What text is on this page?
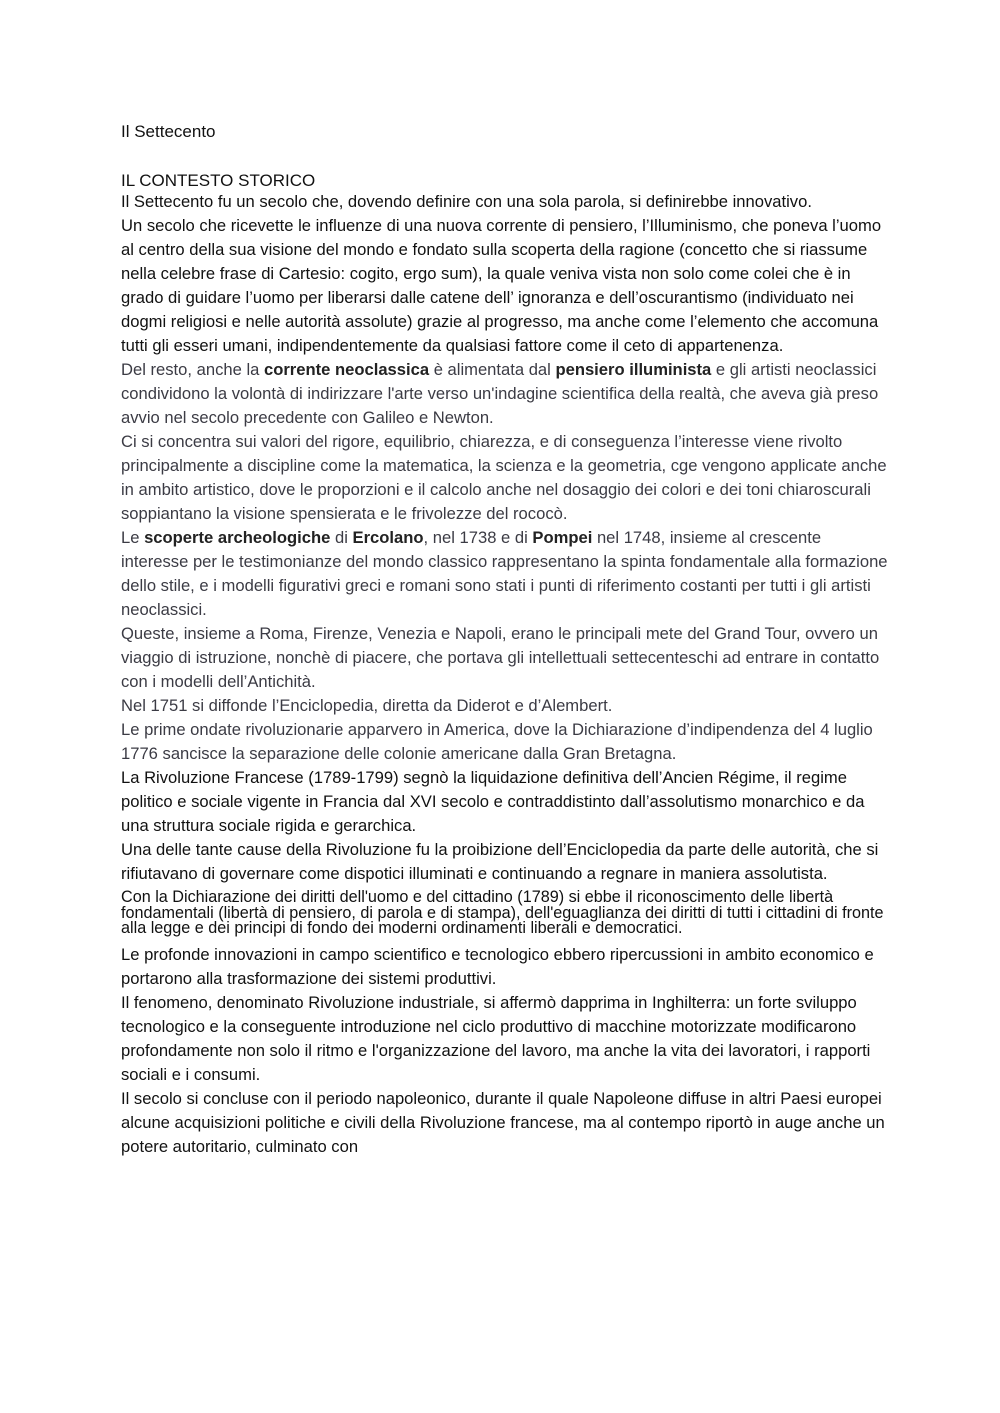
Il Settecento
IL CONTESTO STORICO

Il Settecento fu un secolo che, dovendo definire con una sola parola, si definirebbe innovativo.

Un secolo che ricevette le influenze di una nuova corrente di pensiero, l’Illuminismo, che poneva l’uomo al centro della sua visione del mondo e fondato sulla scoperta della ragione (concetto che si riassume nella celebre frase di Cartesio: cogito, ergo sum), la quale veniva vista non solo come colei che è in grado di guidare l’uomo per liberarsi dalle catene dell’ ignoranza e dell’oscurantismo (individuato nei dogmi religiosi e nelle autorità assolute) grazie al progresso, ma anche come l’elemento che accomuna tutti gli esseri umani, indipendentemente da qualsiasi fattore come il ceto di appartenenza.

Del resto, anche la corrente neoclassica è alimentata dal pensiero illuminista e gli artisti neoclassici condividono la volontà di indirizzare l'arte verso un'indagine scientifica della realtà, che aveva già preso avvio nel secolo precedente con Galileo e Newton.

Ci si concentra sui valori del rigore, equilibrio, chiarezza, e di conseguenza l’interesse viene rivolto principalmente a discipline come la matematica, la scienza e la geometria, cge vengono applicate anche in ambito artistico, dove le proporzioni e il calcolo anche nel dosaggio dei colori e dei toni chiaroscurali soppiantano la visione spensierata e le frivolezze del rococò.

Le scoperte archeologiche di Ercolano, nel 1738 e di Pompei nel 1748, insieme al crescente interesse per le testimonianze del mondo classico rappresentano la spinta fondamentale alla formazione dello stile, e i modelli figurativi greci e romani sono stati i punti di riferimento costanti per tutti i gli artisti neoclassici.

Queste, insieme a Roma, Firenze, Venezia e Napoli, erano le principali mete del Grand Tour, ovvero un viaggio di istruzione, nonchè di piacere, che portava gli intellettuali settecenteschi ad entrare in contatto con i modelli dell’Antichità.

Nel 1751 si diffonde l’Enciclopedia, diretta da Diderot e d’Alembert.

Le prime ondate rivoluzionarie apparvero in America, dove la Dichiarazione d’indipendenza del 4 luglio 1776 sancisce la separazione delle colonie americane dalla Gran Bretagna.

La Rivoluzione Francese (1789-1799) segnò la liquidazione definitiva dell’Ancien Régime, il regime politico e sociale vigente in Francia dal XVI secolo e contraddistinto dall’assolutismo monarchico e da una struttura sociale rigida e gerarchica.

Una delle tante cause della Rivoluzione fu la proibizione dell’Enciclopedia da parte delle autorità, che si rifiutavano di governare come dispotici illuminati e continuando a regnare in maniera assolutista.

Con la Dichiarazione dei diritti dell'uomo e del cittadino (1789) si ebbe il riconoscimento delle libertà fondamentali (libertà di pensiero, di parola e di stampa), dell'eguaglianza dei diritti di tutti i cittadini di fronte alla legge e dei principi di fondo dei moderni ordinamenti liberali e democratici.

Le profonde innovazioni in campo scientifico e tecnologico ebbero ripercussioni in ambito economico e portarono alla trasformazione dei sistemi produttivi.

Il fenomeno, denominato Rivoluzione industriale, si affermò dapprima in Inghilterra: un forte sviluppo tecnologico e la conseguente introduzione nel ciclo produttivo di macchine motorizzate modificarono profondamente non solo il ritmo e l'organizzazione del lavoro, ma anche la vita dei lavoratori, i rapporti sociali e i consumi.

Il secolo si concluse con il periodo napoleonico, durante il quale Napoleone diffuse in altri Paesi europei alcune acquisizioni politiche e civili della Rivoluzione francese, ma al contempo riportò in auge anche un potere autoritario, culminato con
